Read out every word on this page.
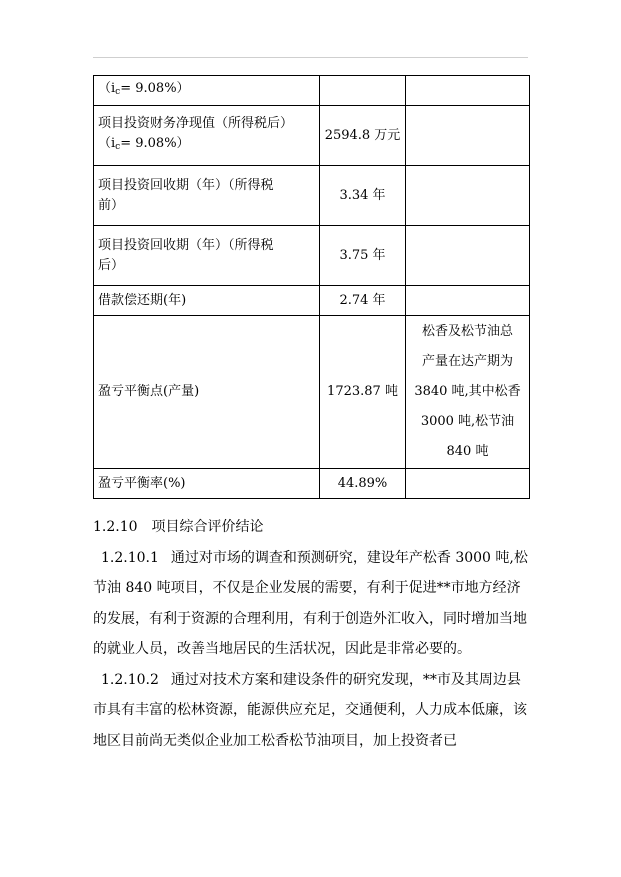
$(i_c= 9.08\%)$		

项目投资财务净现值（所得税后）
$(i_c= 9.08\%)$	2594.8 万元	

项目投资回收期（年）（所得税
前）	3.34 年	

项目投资回收期（年）（所得税
后）	3.75 年	

借款偿还期(年)	2.74 年	

盈亏平衡点(产量)	1723.87 吨	松香及松节油总
产量在达产期为
3840 吨,其中松香
3000 吨,松节油
840 吨

盈亏平衡率(%)	44.89%	

1.2.10 项目综合评价结论

1.2.10.1 通过对市场的调查和预测研究，建设年产松香 3000 吨,松节油 840 吨项目，不仅是企业发展的需要，有利于促进**市地方经济的发展，有利于资源的合理利用，有利于创造外汇收入，同时增加当地的就业人员，改善当地居民的生活状况，因此是非常必要的。

1.2.10.2 通过对技术方案和建设条件的研究发现，**市及其周边县市具有丰富的松林资源，能源供应充足，交通便利，人力成本低廉，该地区目前尚无类似企业加工松香松节油项目，加上投资者已
